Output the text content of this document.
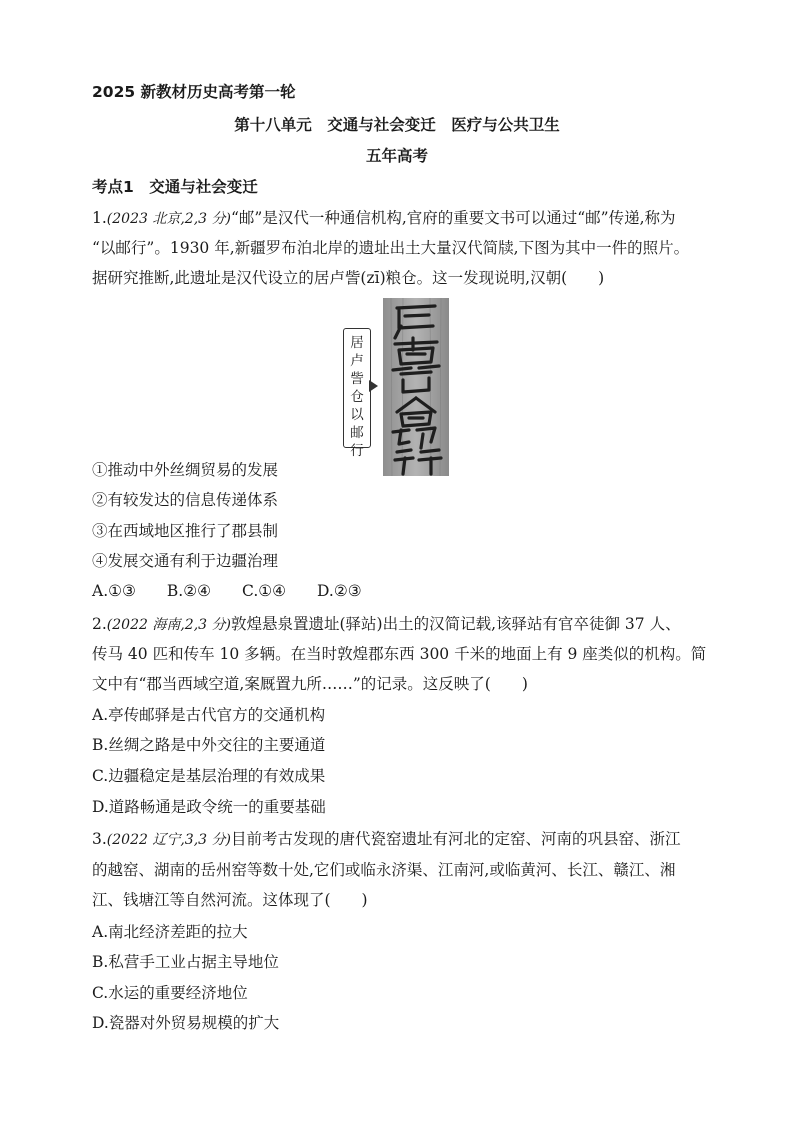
2025 新教材历史高考第一轮
第十八单元　交通与社会变迁　医疗与公共卫生
五年高考
考点1　交通与社会变迁
1.(2023 北京,2,3 分)“邮”是汉代一种通信机构,官府的重要文书可以通过“邮”传递,称为
“以邮行”。1930 年,新疆罗布泊北岸的遗址出土大量汉代简牍,下图为其中一件的照片。
据研究推断,此遗址是汉代设立的居卢訾(zī)粮仓。这一发现说明,汉朝(　　)
居卢訾仓以邮行
①推动中外丝绸贸易的发展
②有较发达的信息传递体系
③在西域地区推行了郡县制
④发展交通有利于边疆治理
A.①③　　B.②④　　C.①④　　D.②③
2.(2022 海南,2,3 分)敦煌悬泉置遗址(驿站)出土的汉简记载,该驿站有官卒徒御 37 人、
传马 40 匹和传车 10 多辆。在当时敦煌郡东西 300 千米的地面上有 9 座类似的机构。简
文中有“郡当西域空道,案厩置九所……”的记录。这反映了(　　)
A.亭传邮驿是古代官方的交通机构
B.丝绸之路是中外交往的主要通道
C.边疆稳定是基层治理的有效成果
D.道路畅通是政令统一的重要基础
3.(2022 辽宁,3,3 分)目前考古发现的唐代瓷窑遗址有河北的定窑、河南的巩县窑、浙江
的越窑、湖南的岳州窑等数十处,它们或临永济渠、江南河,或临黄河、长江、赣江、湘
江、钱塘江等自然河流。这体现了(　　)
A.南北经济差距的拉大
B.私营手工业占据主导地位
C.水运的重要经济地位
D.瓷器对外贸易规模的扩大
